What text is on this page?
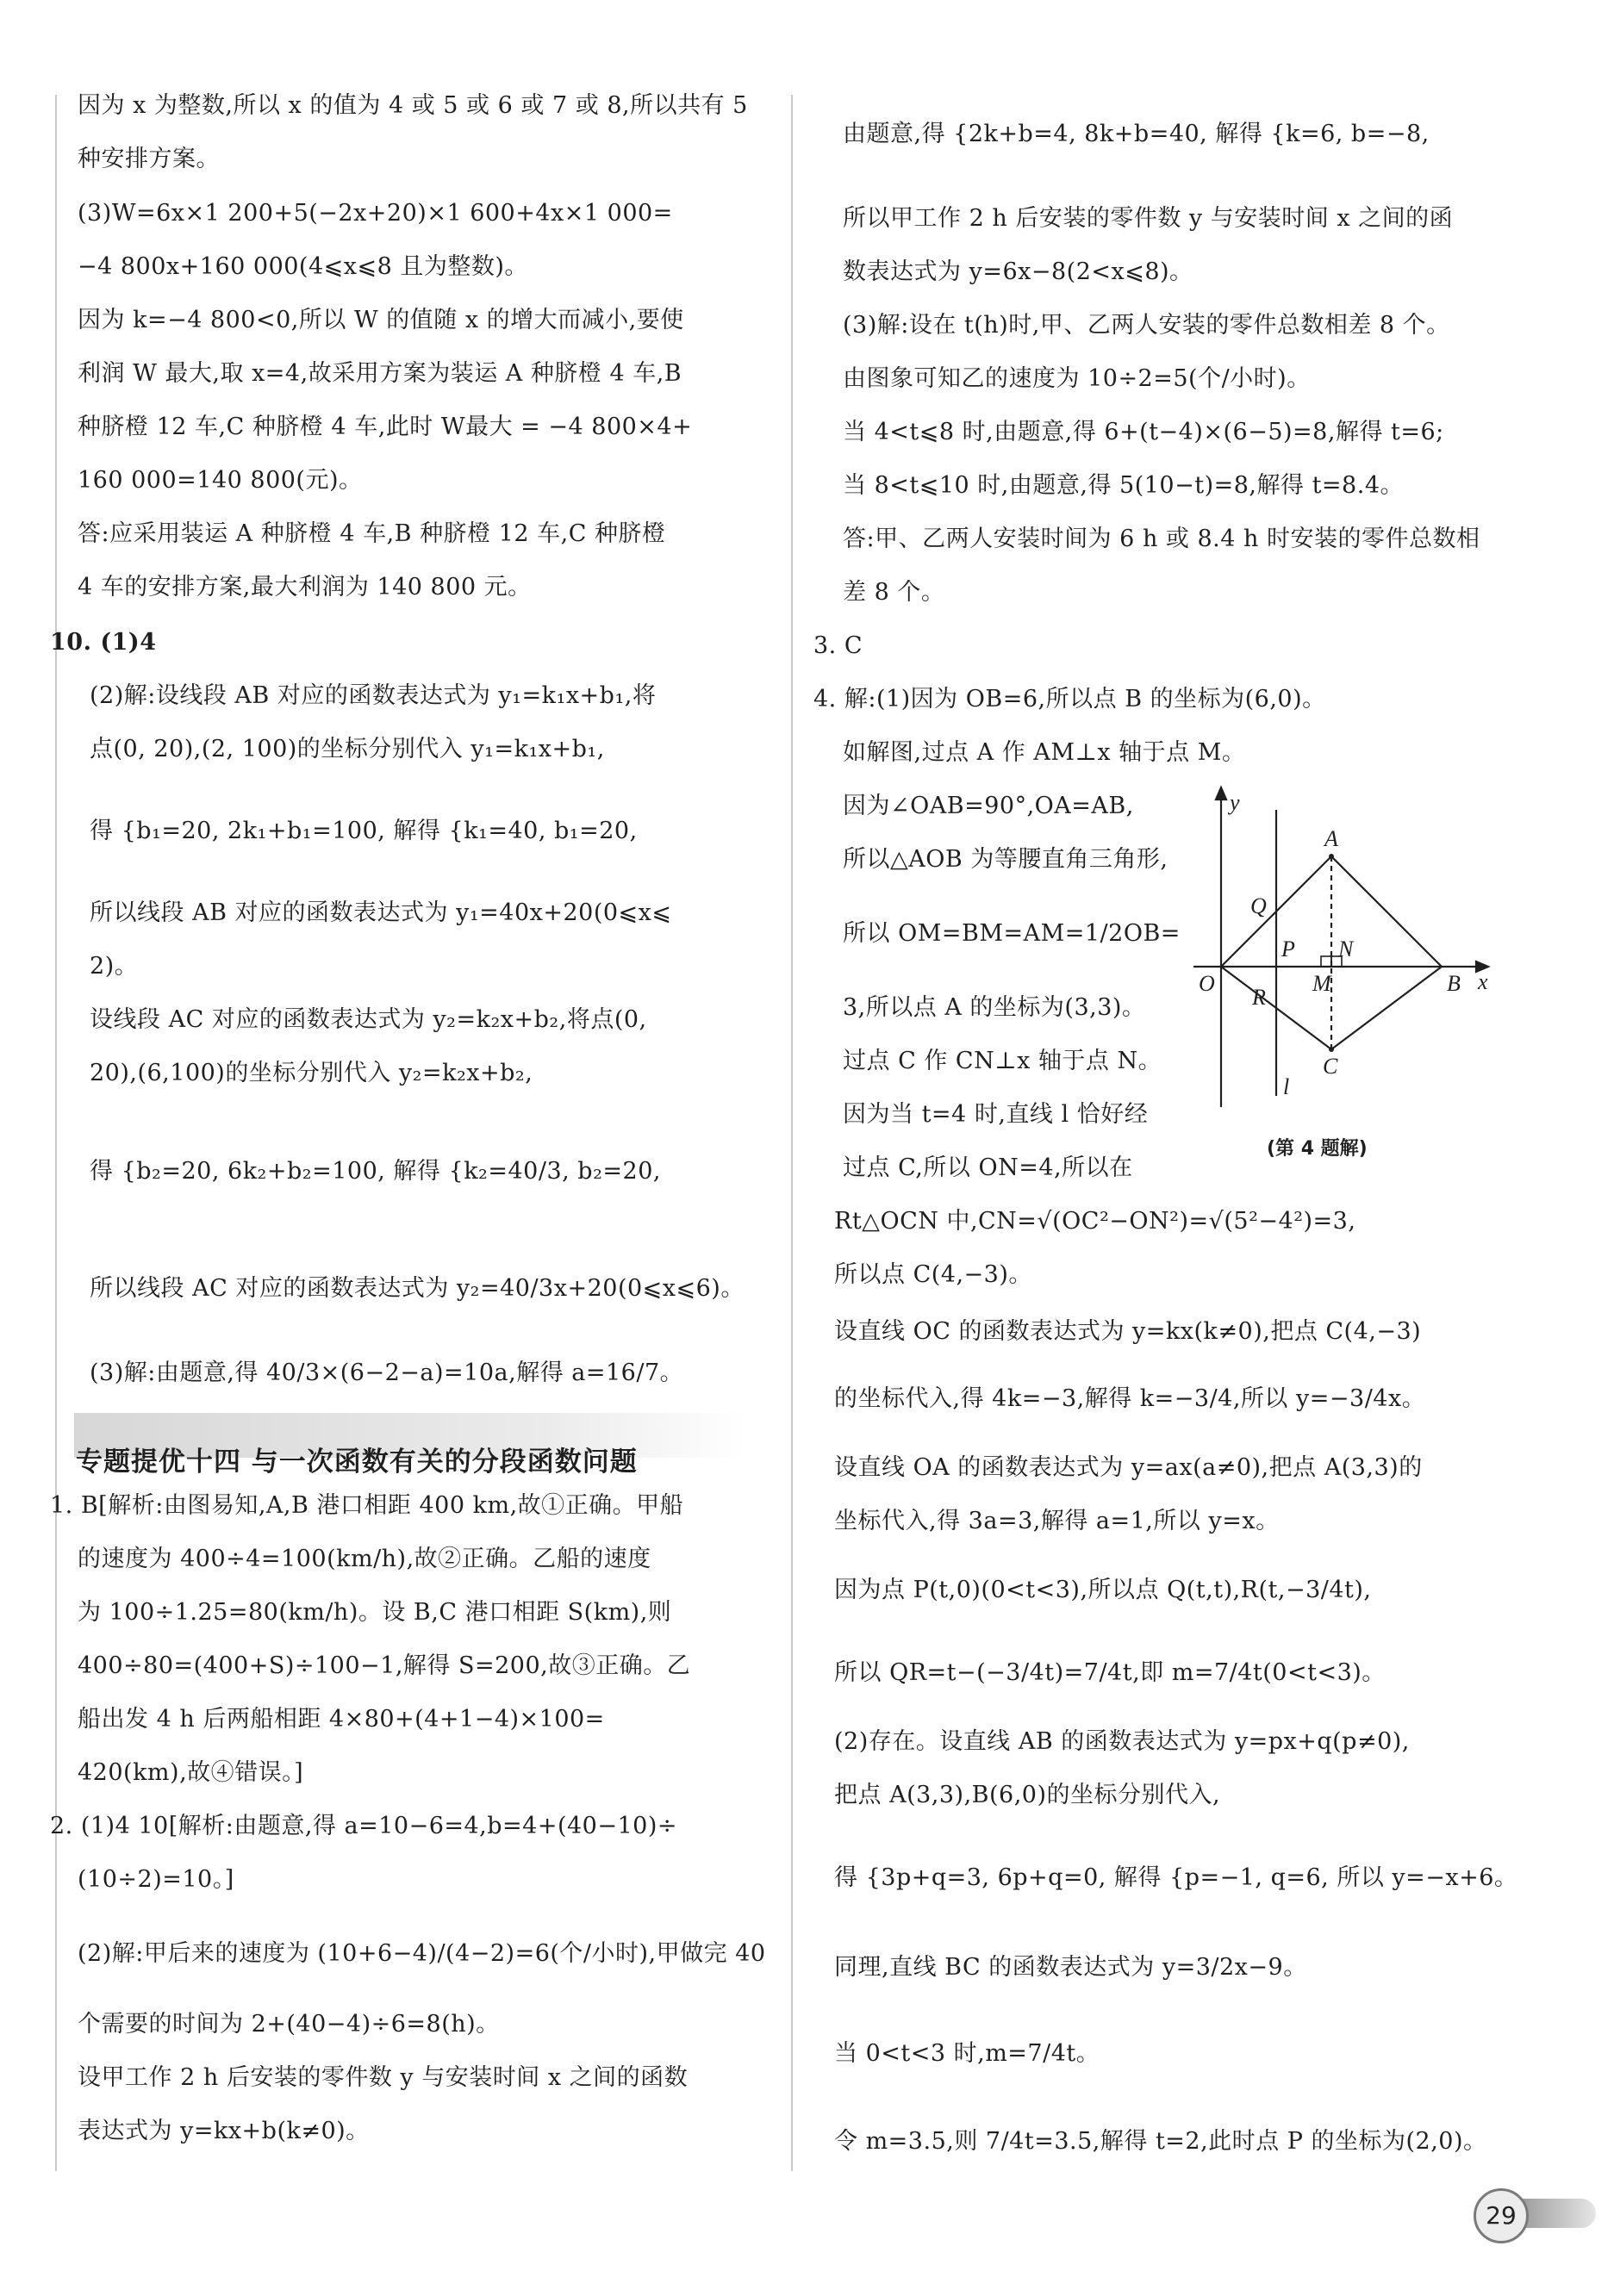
因为 x 为整数,所以 x 的值为 4 或 5 或 6 或 7 或 8,所以共有 5

种安排方案。

(3)W=6x×1 200+5(−2x+20)×1 600+4x×1 000=

−4 800x+160 000(4⩽x⩽8 且为整数)。

因为 k=−4 800<0,所以 W 的值随 x 的增大而减小,要使

利润 W 最大,取 x=4,故采用方案为装运 A 种脐橙 4 车,B

种脐橙 12 车,C 种脐橙 4 车,此时 W最大 = −4 800×4+

160 000=140 800(元)。

答:应采用装运 A 种脐橙 4 车,B 种脐橙 12 车,C 种脐橙

4 车的安排方案,最大利润为 140 800 元。

10. (1)4

(2)解:设线段 AB 对应的函数表达式为 y₁=k₁x+b₁,将

点(0, 20),(2, 100)的坐标分别代入 y₁=k₁x+b₁,

得 {b₁=20, 2k₁+b₁=100, 解得 {k₁=40, b₁=20,

所以线段 AB 对应的函数表达式为 y₁=40x+20(0⩽x⩽

2)。

设线段 AC 对应的函数表达式为 y₂=k₂x+b₂,将点(0,

20),(6,100)的坐标分别代入 y₂=k₂x+b₂,

得 {b₂=20, 6k₂+b₂=100, 解得 {k₂=40/3, b₂=20,

所以线段 AC 对应的函数表达式为 y₂=40/3x+20(0⩽x⩽6)。

(3)解:由题意,得 40/3×(6−2−a)=10a,解得 a=16/7。

专题提优十四 与一次函数有关的分段函数问题

1. B[解析:由图易知,A,B 港口相距 400 km,故①正确。甲船

的速度为 400÷4=100(km/h),故②正确。乙船的速度

为 100÷1.25=80(km/h)。设 B,C 港口相距 S(km),则

400÷80=(400+S)÷100−1,解得 S=200,故③正确。乙

船出发 4 h 后两船相距 4×80+(4+1−4)×100=

420(km),故④错误。]

2. (1)4 10[解析:由题意,得 a=10−6=4,b=4+(40−10)÷

(10÷2)=10。]

(2)解:甲后来的速度为 (10+6−4)/(4−2)=6(个/小时),甲做完 40

个需要的时间为 2+(40−4)÷6=8(h)。

设甲工作 2 h 后安装的零件数 y 与安装时间 x 之间的函数

表达式为 y=kx+b(k≠0)。

由题意,得 {2k+b=4, 8k+b=40, 解得 {k=6, b=−8,

所以甲工作 2 h 后安装的零件数 y 与安装时间 x 之间的函

数表达式为 y=6x−8(2<x⩽8)。

(3)解:设在 t(h)时,甲、乙两人安装的零件总数相差 8 个。

由图象可知乙的速度为 10÷2=5(个/小时)。

当 4<t⩽8 时,由题意,得 6+(t−4)×(6−5)=8,解得 t=6;

当 8<t⩽10 时,由题意,得 5(10−t)=8,解得 t=8.4。

答:甲、乙两人安装时间为 6 h 或 8.4 h 时安装的零件总数相

差 8 个。

3. C

4. 解:(1)因为 OB=6,所以点 B 的坐标为(6,0)。

如解图,过点 A 作 AM⊥x 轴于点 M。

因为∠OAB=90°,OA=AB,

所以△AOB 为等腰直角三角形,

所以 OM=BM=AM=1/2OB=

3,所以点 A 的坐标为(3,3)。

过点 C 作 CN⊥x 轴于点 N。

因为当 t=4 时,直线 l 恰好经

过点 C,所以 ON=4,所以在

Rt△OCN 中,CN=√(OC²−ON²)=√(5²−4²)=3,

所以点 C(4,−3)。

设直线 OC 的函数表达式为 y=kx(k≠0),把点 C(4,−3)

的坐标代入,得 4k=−3,解得 k=−3/4,所以 y=−3/4x。

设直线 OA 的函数表达式为 y=ax(a≠0),把点 A(3,3)的

坐标代入,得 3a=3,解得 a=1,所以 y=x。

因为点 P(t,0)(0<t<3),所以点 Q(t,t),R(t,−3/4t),

所以 QR=t−(−3/4t)=7/4t,即 m=7/4t(0<t<3)。

(2)存在。设直线 AB 的函数表达式为 y=px+q(p≠0),

把点 A(3,3),B(6,0)的坐标分别代入,

得 {3p+q=3, 6p+q=0, 解得 {p=−1, q=6, 所以 y=−x+6。

同理,直线 BC 的函数表达式为 y=3/2x−9。

当 0<t<3 时,m=7/4t。

令 m=3.5,则 7/4t=3.5,解得 t=2,此时点 P 的坐标为(2,0)。

y
x
O
A
B
C
M
N
P
Q
R
l

(第 4 题解)

29
